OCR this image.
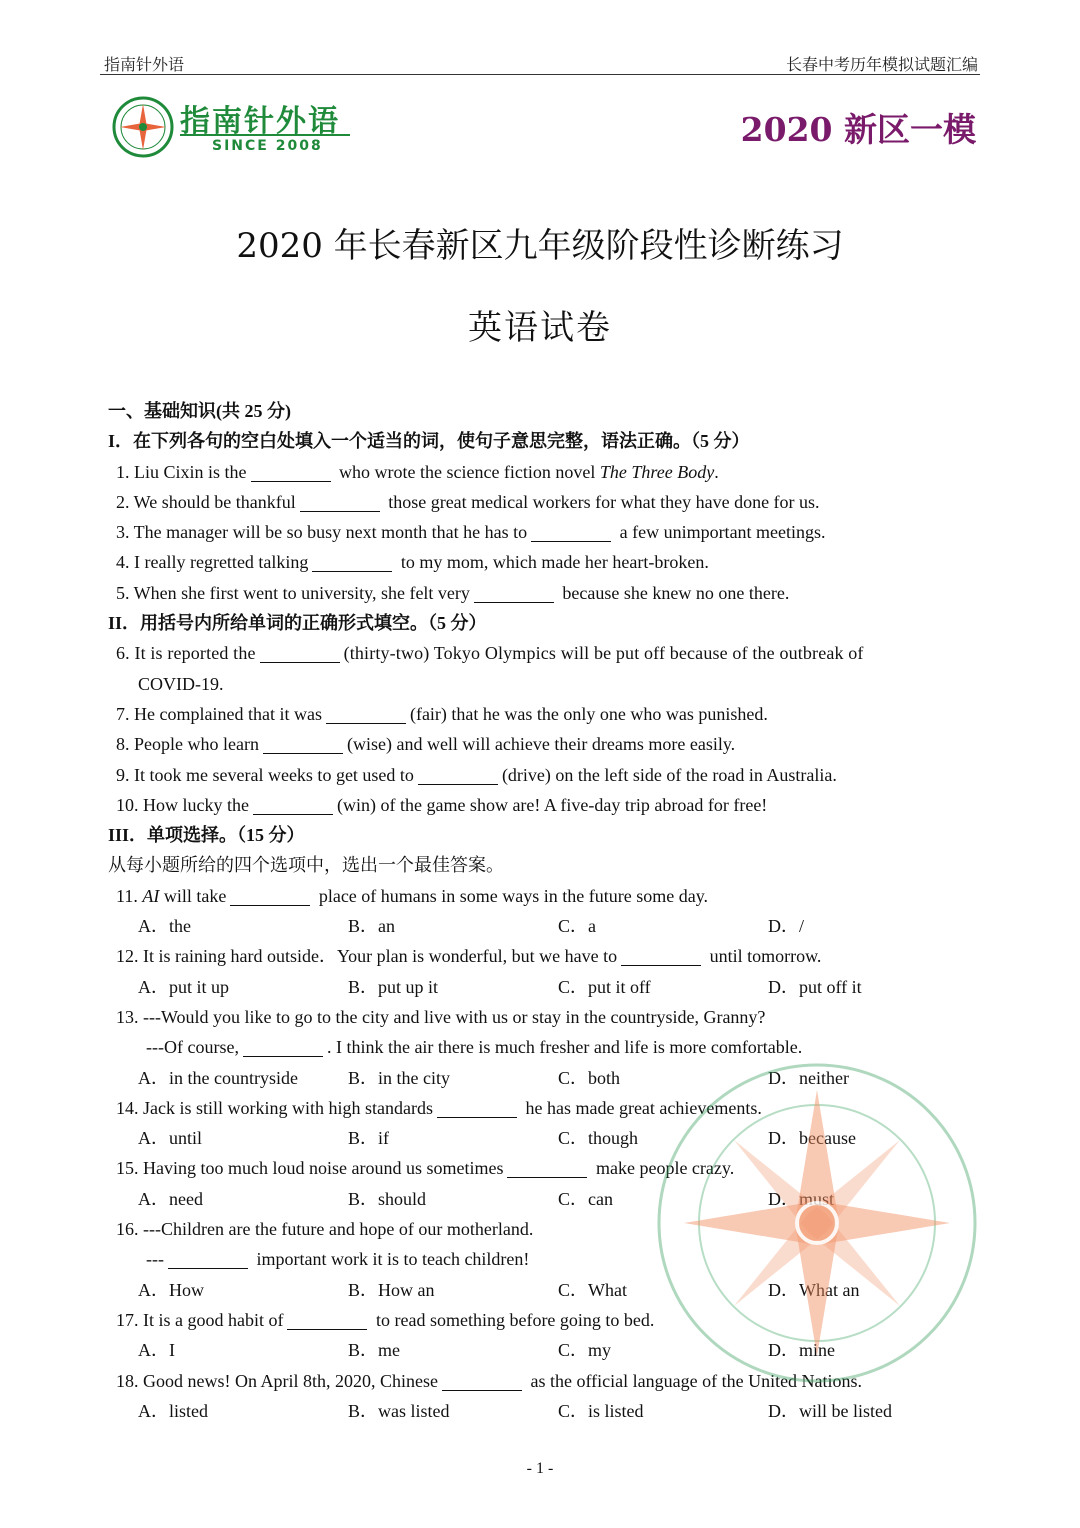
指南针外语	长春中考历年模拟试题汇编
指南针外语
SINCE 2008	2020 新区一模
2020 年长春新区九年级阶段性诊断练习
英语试卷
一、基础知识(共 25 分)
I．在下列各句的空白处填入一个适当的词，使句子意思完整，语法正确。（5 分）
1. Liu Cixin is the	who wrote the science fiction novel The Three Body.
2. We should be thankful	those great medical workers for what they have done for us.
3. The manager will be so busy next month that he has to	a few unimportant meetings.
4. I really regretted talking	to my mom, which made her heart-broken.
5. When she first went to university, she felt very	because she knew no one there.
II．用括号内所给单词的正确形式填空。（5 分）
6. It is reported the	(thirty-two) Tokyo Olympics will be put off because of the outbreak of
COVID-19.
7. He complained that it was	(fair) that he was the only one who was punished.
8. People who learn	(wise) and well will achieve their dreams more easily.
9. It took me several weeks to get used to	(drive) on the left side of the road in Australia.
10. How lucky the	(win) of the game show are! A five-day trip abroad for free!
III．单项选择。（15 分）
从每小题所给的四个选项中，选出一个最佳答案。
11. AI will take	place of humans in some ways in the future some day.
A．the	B．an	C．a	D．/
12. It is raining hard outside．Your plan is wonderful, but we have to	until tomorrow.
A．put it up	B．put up it	C．put it off	D．put off it
13. ---Would you like to go to the city and live with us or stay in the countryside, Granny?
---Of course,	. I think the air there is much fresher and life is more comfortable.
A．in the countryside	B．in the city	C．both	D．neither
14. Jack is still working with high standards	he has made great achievements.
A．until	B．if	C．though	D．because
15. Having too much loud noise around us sometimes	make people crazy.
A．need	B．should	C．can	D．must
16. ---Children are the future and hope of our motherland.
---	important work it is to teach children!
A．How	B．How an	C．What	D．What an
17. It is a good habit of	to read something before going to bed.
A．I	B．me	C．my	D．mine
18. Good news! On April 8th, 2020, Chinese	as the official language of the United Nations.
A．listed	B．was listed	C．is listed	D．will be listed
- 1 -
